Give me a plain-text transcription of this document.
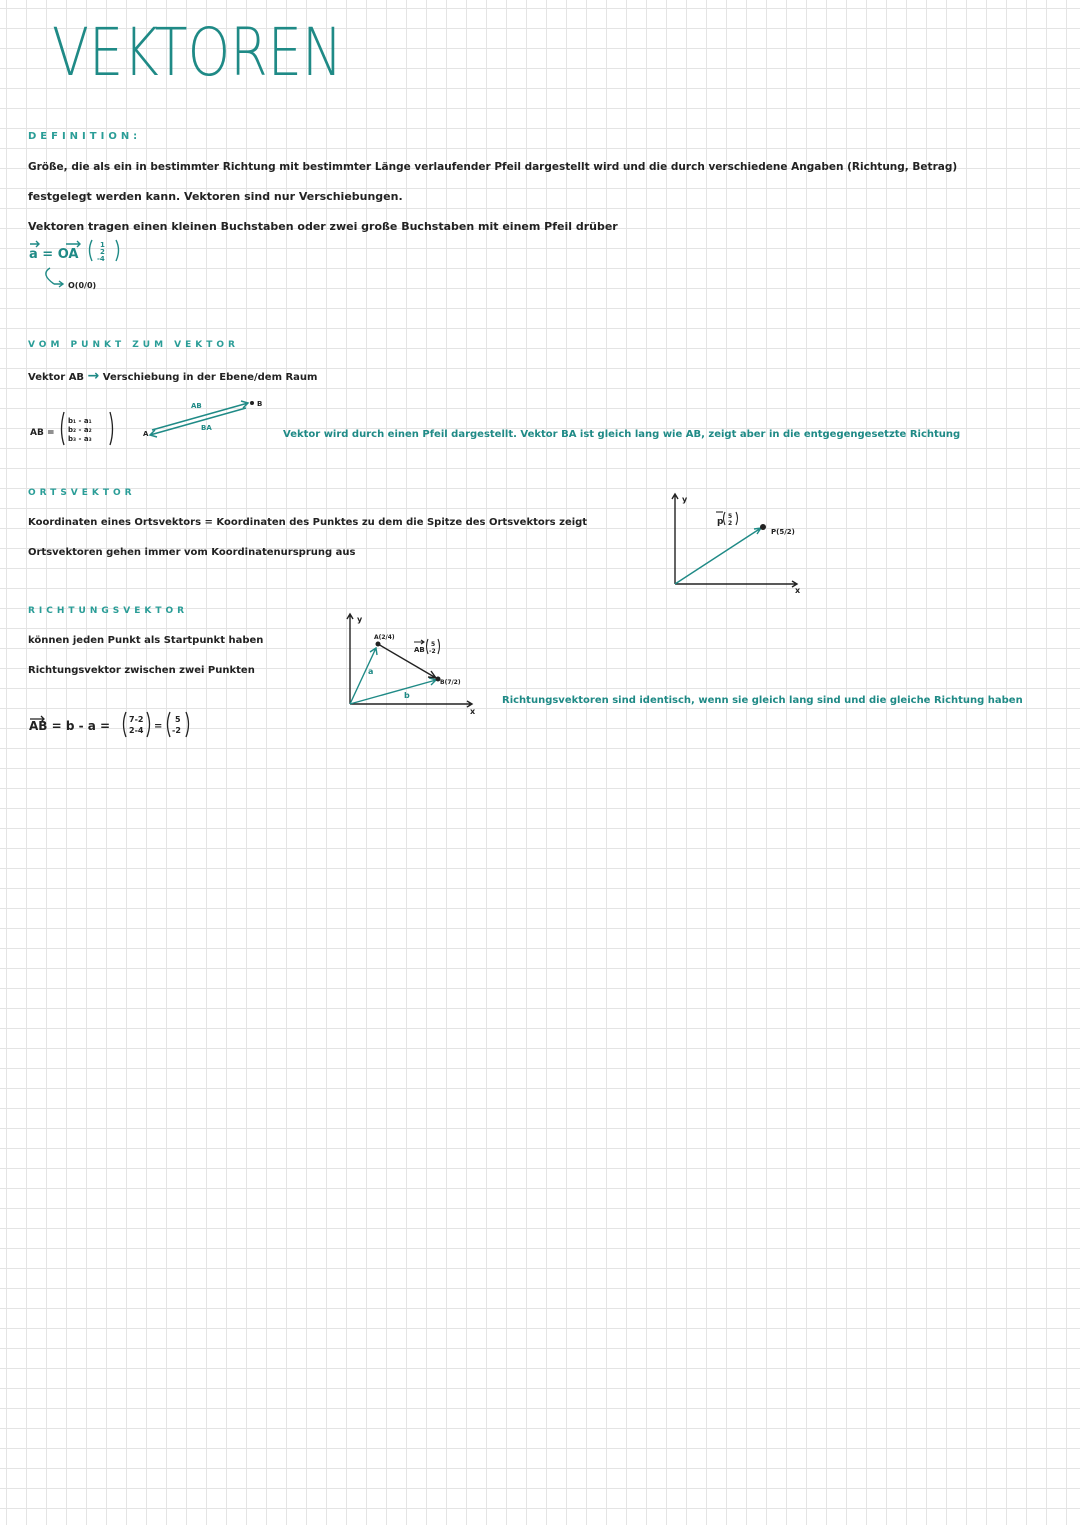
VEKTOREN
DEFINITION:
Größe, die als ein in bestimmter Richtung mit bestimmter Länge verlaufender Pfeil dargestellt wird und die durch verschiedene Angaben (Richtung, Betrag)
festgelegt werden kann. Vektoren sind nur Verschiebungen.
Vektoren tragen einen kleinen Buchstaben oder zwei große Buchstaben mit einem Pfeil drüber
a = OA
1
2
-4
O(0/0)
VOM PUNKT ZUM VEKTOR
Vektor AB → Verschiebung in der Ebene/dem Raum
AB =
b₁ - a₁
b₂ - a₂
b₃ - a₃
A
B
AB
BA
Vektor wird durch einen Pfeil dargestellt. Vektor BA ist gleich lang wie AB, zeigt aber in die entgegengesetzte Richtung
ORTSVEKTOR
Koordinaten eines Ortsvektors = Koordinaten des Punktes zu dem die Spitze des Ortsvektors zeigt
Ortsvektoren gehen immer vom Koordinatenursprung aus
y
x
p
5
2
P(5/2)
RICHTUNGSVEKTOR
können jeden Punkt als Startpunkt haben
Richtungsvektor zwischen zwei Punkten
AB = b - a = 7-2
2-4 =
5
-2
y
x
A(2/4)
B(7/2)
a
b
AB
5
-2
Richtungsvektoren sind identisch, wenn sie gleich lang sind und die gleiche Richtung haben
